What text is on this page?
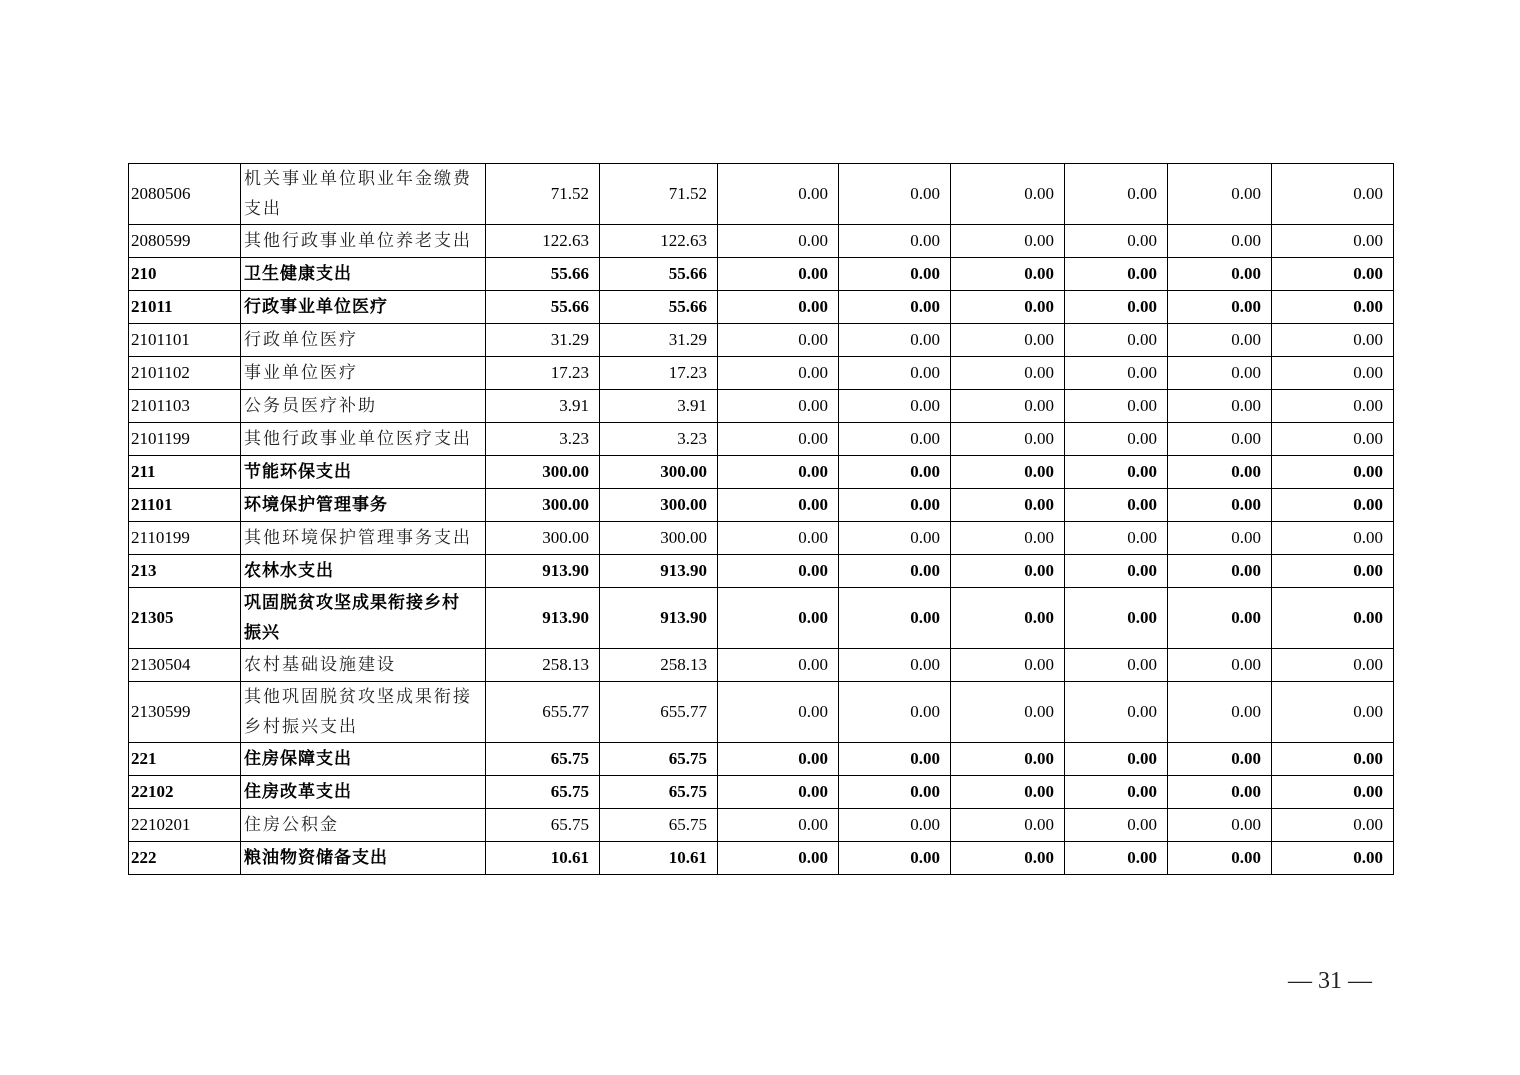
2080506	机关事业单位职业年金缴费支出	71.52	71.52	0.00	0.00	0.00	0.00	0.00	0.00
2080599	其他行政事业单位养老支出	122.63	122.63	0.00	0.00	0.00	0.00	0.00	0.00
210	卫生健康支出	55.66	55.66	0.00	0.00	0.00	0.00	0.00	0.00
21011	行政事业单位医疗	55.66	55.66	0.00	0.00	0.00	0.00	0.00	0.00
2101101	行政单位医疗	31.29	31.29	0.00	0.00	0.00	0.00	0.00	0.00
2101102	事业单位医疗	17.23	17.23	0.00	0.00	0.00	0.00	0.00	0.00
2101103	公务员医疗补助	3.91	3.91	0.00	0.00	0.00	0.00	0.00	0.00
2101199	其他行政事业单位医疗支出	3.23	3.23	0.00	0.00	0.00	0.00	0.00	0.00
211	节能环保支出	300.00	300.00	0.00	0.00	0.00	0.00	0.00	0.00
21101	环境保护管理事务	300.00	300.00	0.00	0.00	0.00	0.00	0.00	0.00
2110199	其他环境保护管理事务支出	300.00	300.00	0.00	0.00	0.00	0.00	0.00	0.00
213	农林水支出	913.90	913.90	0.00	0.00	0.00	0.00	0.00	0.00
21305	巩固脱贫攻坚成果衔接乡村振兴	913.90	913.90	0.00	0.00	0.00	0.00	0.00	0.00
2130504	农村基础设施建设	258.13	258.13	0.00	0.00	0.00	0.00	0.00	0.00
2130599	其他巩固脱贫攻坚成果衔接乡村振兴支出	655.77	655.77	0.00	0.00	0.00	0.00	0.00	0.00
221	住房保障支出	65.75	65.75	0.00	0.00	0.00	0.00	0.00	0.00
22102	住房改革支出	65.75	65.75	0.00	0.00	0.00	0.00	0.00	0.00
2210201	住房公积金	65.75	65.75	0.00	0.00	0.00	0.00	0.00	0.00
222	粮油物资储备支出	10.61	10.61	0.00	0.00	0.00	0.00	0.00	0.00
— 31 —
